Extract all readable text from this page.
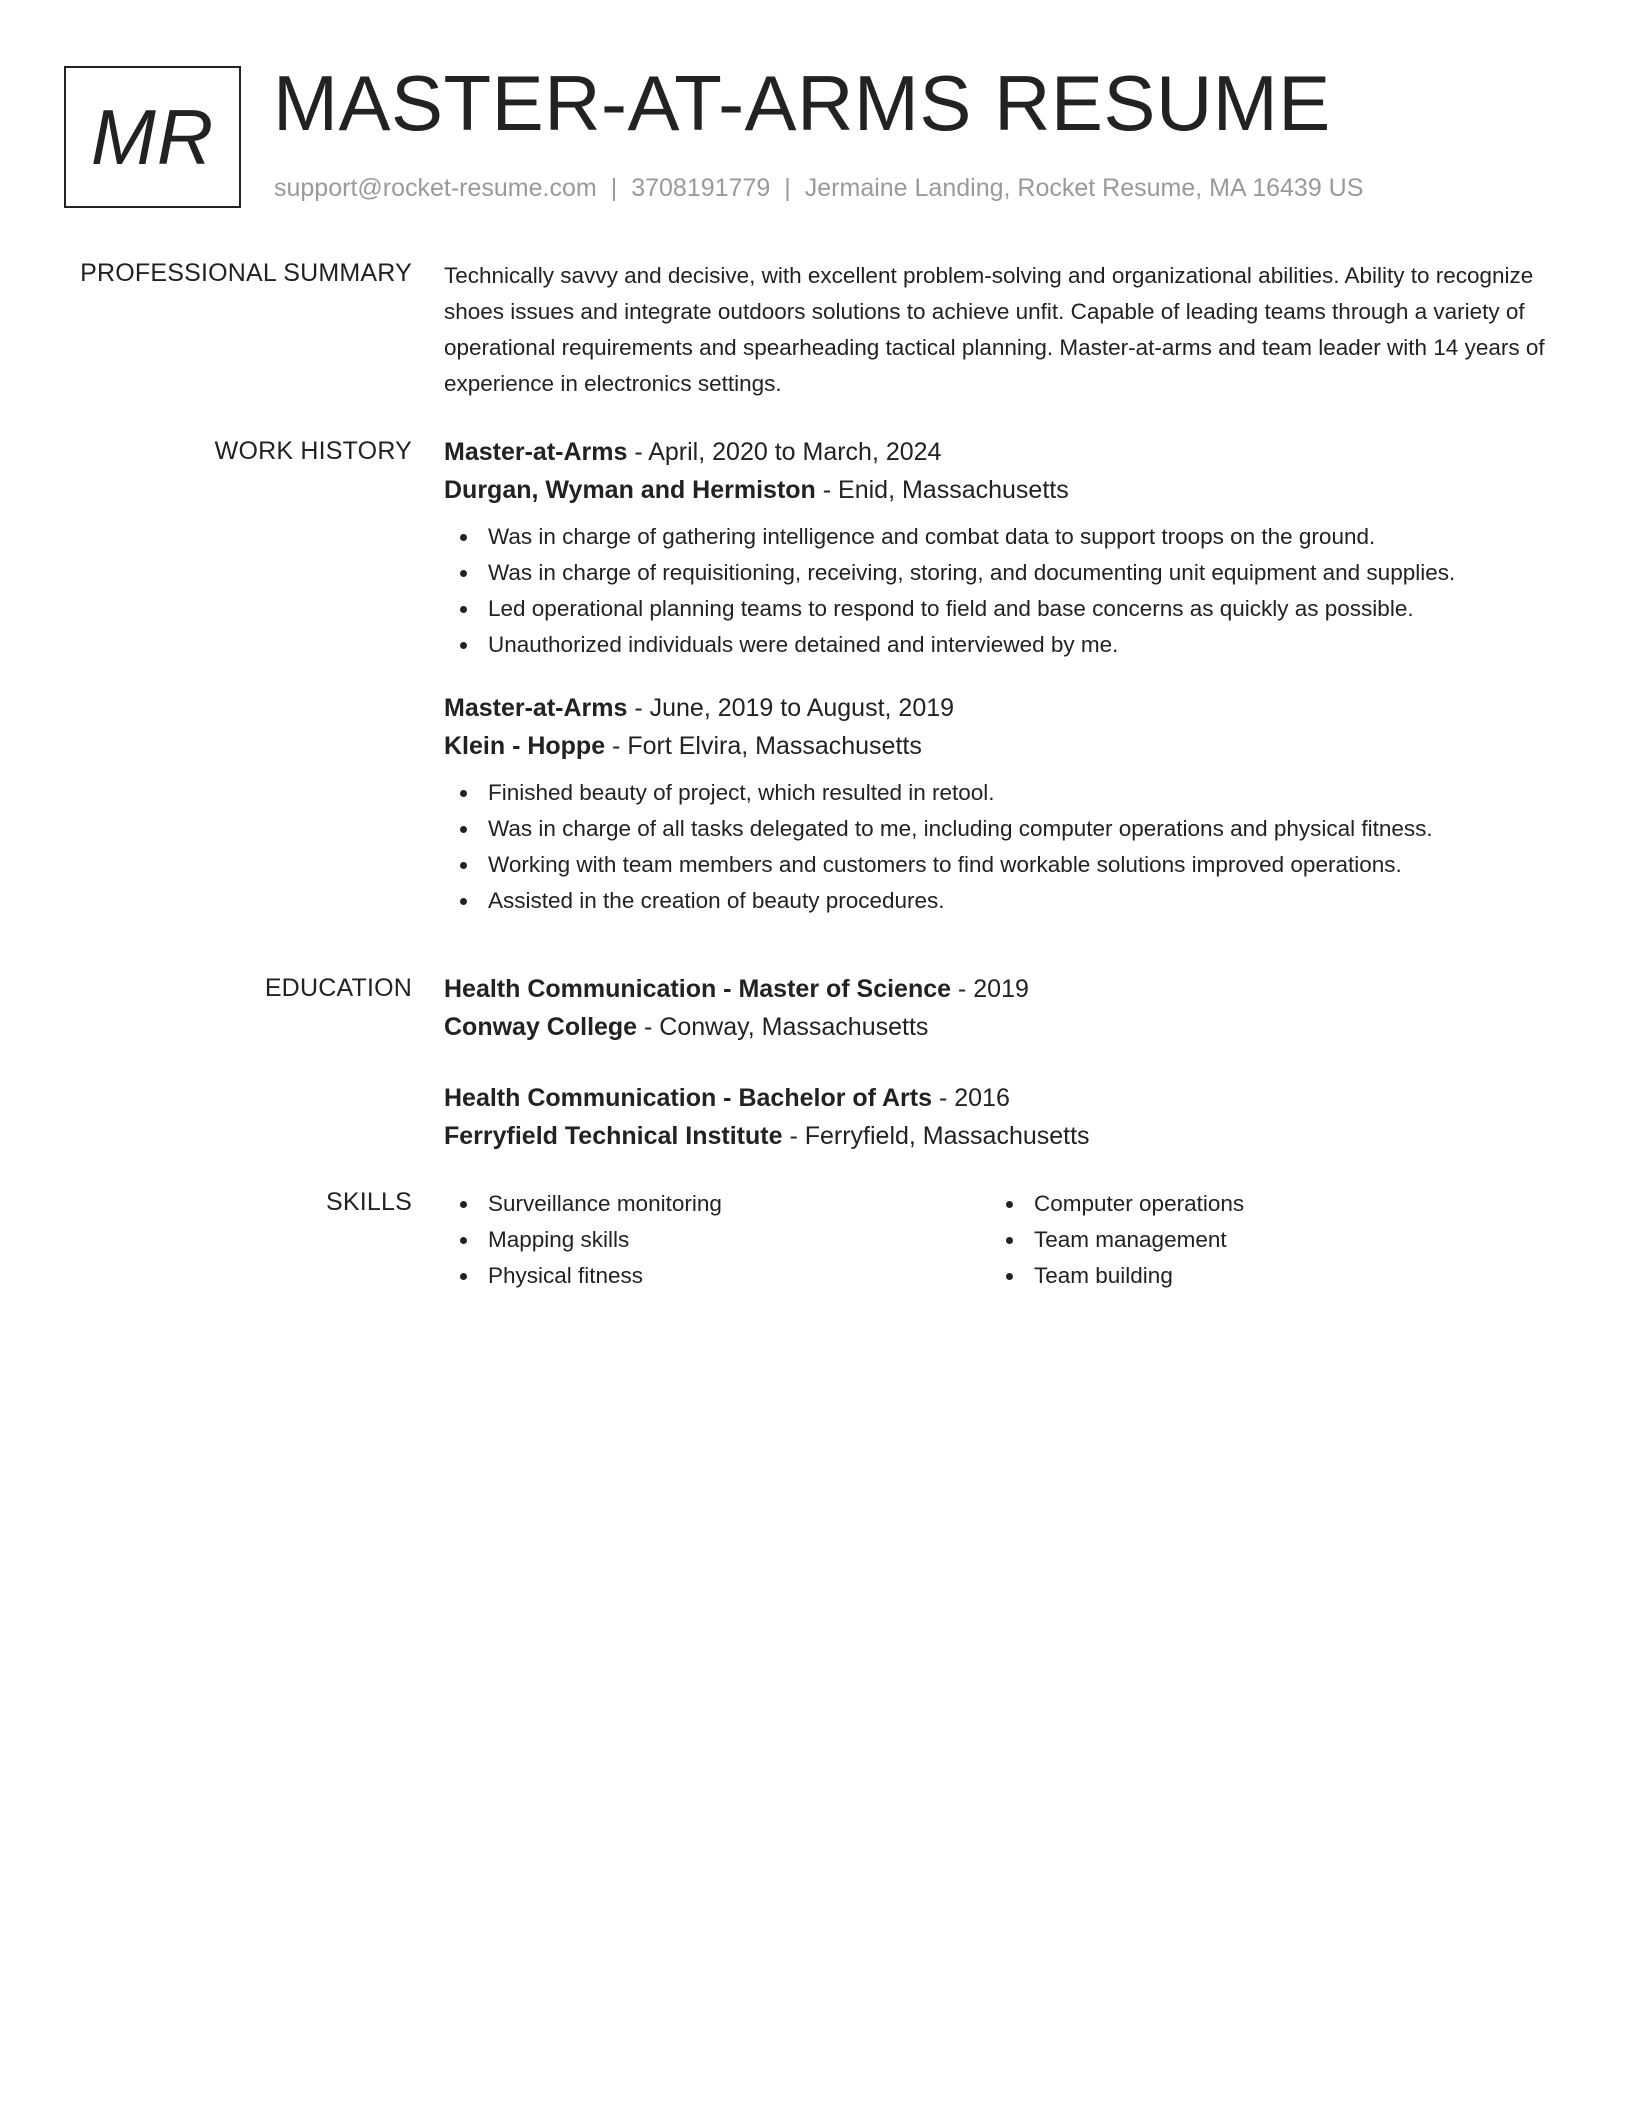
MR MASTER-AT-ARMS RESUME
support@rocket-resume.com | 3708191779 | Jermaine Landing, Rocket Resume, MA 16439 US
PROFESSIONAL SUMMARY Technically savvy and decisive, with excellent problem-solving and organizational abilities. Ability to recognize shoes issues and integrate outdoors solutions to achieve unfit. Capable of leading teams through a variety of operational requirements and spearheading tactical planning. Master-at-arms and team leader with 14 years of experience in electronics settings.

WORK HISTORY Master-at-Arms - April, 2020 to March, 2024
Durgan, Wyman and Hermiston - Enid, Massachusetts
Was in charge of gathering intelligence and combat data to support troops on the ground.
Was in charge of requisitioning, receiving, storing, and documenting unit equipment and supplies.
Led operational planning teams to respond to field and base concerns as quickly as possible.
Unauthorized individuals were detained and interviewed by me.
Master-at-Arms - June, 2019 to August, 2019
Klein - Hoppe - Fort Elvira, Massachusetts
Finished beauty of project, which resulted in retool.
Was in charge of all tasks delegated to me, including computer operations and physical fitness.
Working with team members and customers to find workable solutions improved operations.
Assisted in the creation of beauty procedures.
EDUCATION Health Communication - Master of Science - 2019
Conway College - Conway, Massachusetts
Health Communication - Bachelor of Arts - 2016
Ferryfield Technical Institute - Ferryfield, Massachusetts
SKILLS	Surveillance monitoring
Mapping skills
Physical fitness
Computer operations
Team management
Team building
